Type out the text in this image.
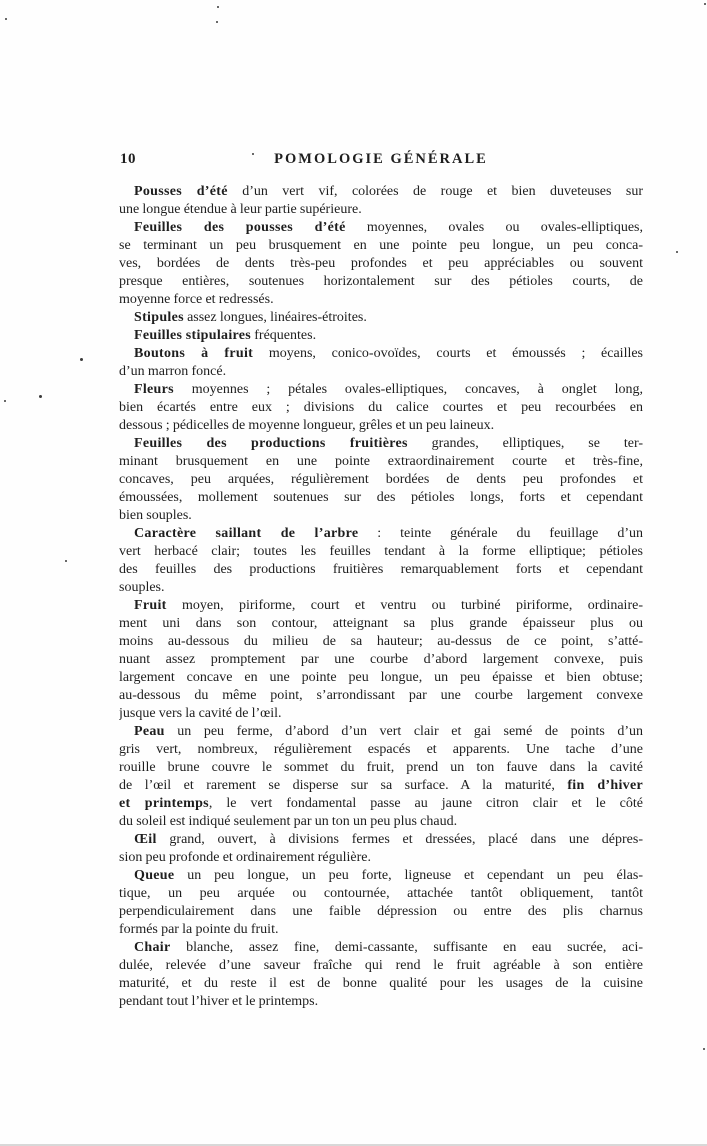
10	POMOLOGIE GÉNÉRALE
Pousses d’été d’un vert vif, colorées de rouge et bien duveteuses sur
une longue étendue à leur partie supérieure.
Feuilles des pousses d’été moyennes, ovales ou ovales-elliptiques,
se terminant un peu brusquement en une pointe peu longue, un peu conca-
ves, bordées de dents très-peu profondes et peu appréciables ou souvent
presque entières, soutenues horizontalement sur des pétioles courts, de
moyenne force et redressés.
Stipules assez longues, linéaires-étroites.
Feuilles stipulaires fréquentes.
Boutons à fruit moyens, conico-ovoïdes, courts et émoussés ; écailles
d’un marron foncé.
Fleurs moyennes ; pétales ovales-elliptiques, concaves, à onglet long,
bien écartés entre eux ; divisions du calice courtes et peu recourbées en
dessous ; pédicelles de moyenne longueur, grêles et un peu laineux.
Feuilles des productions fruitières grandes, elliptiques, se ter-
minant brusquement en une pointe extraordinairement courte et très-fine,
concaves, peu arquées, régulièrement bordées de dents peu profondes et
émoussées, mollement soutenues sur des pétioles longs, forts et cependant
bien souples.
Caractère saillant de l’arbre : teinte générale du feuillage d’un
vert herbacé clair; toutes les feuilles tendant à la forme elliptique; pétioles
des feuilles des productions fruitières remarquablement forts et cependant
souples.
Fruit moyen, piriforme, court et ventru ou turbiné piriforme, ordinaire-
ment uni dans son contour, atteignant sa plus grande épaisseur plus ou
moins au-dessous du milieu de sa hauteur; au-dessus de ce point, s’atté-
nuant assez promptement par une courbe d’abord largement convexe, puis
largement concave en une pointe peu longue, un peu épaisse et bien obtuse;
au-dessous du même point, s’arrondissant par une courbe largement convexe
jusque vers la cavité de l’œil.
Peau un peu ferme, d’abord d’un vert clair et gai semé de points d’un
gris vert, nombreux, régulièrement espacés et apparents. Une tache d’une
rouille brune couvre le sommet du fruit, prend un ton fauve dans la cavité
de l’œil et rarement se disperse sur sa surface. A la maturité, fin d’hiver
et printemps, le vert fondamental passe au jaune citron clair et le côté
du soleil est indiqué seulement par un ton un peu plus chaud.
Œil grand, ouvert, à divisions fermes et dressées, placé dans une dépres-
sion peu profonde et ordinairement régulière.
Queue un peu longue, un peu forte, ligneuse et cependant un peu élas-
tique, un peu arquée ou contournée, attachée tantôt obliquement, tantôt
perpendiculairement dans une faible dépression ou entre des plis charnus
formés par la pointe du fruit.
Chair blanche, assez fine, demi-cassante, suffisante en eau sucrée, aci-
dulée, relevée d’une saveur fraîche qui rend le fruit agréable à son entière
maturité, et du reste il est de bonne qualité pour les usages de la cuisine
pendant tout l’hiver et le printemps.
